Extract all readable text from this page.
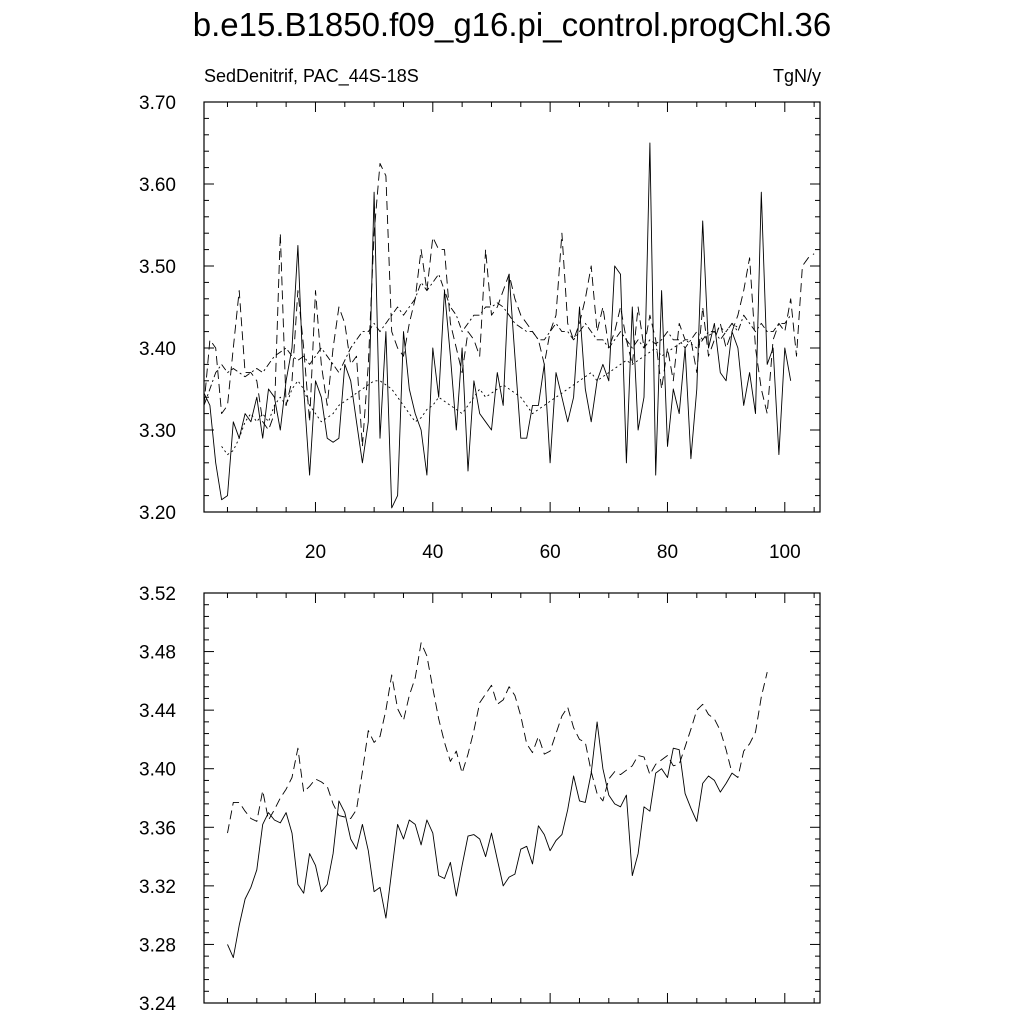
b.e15.B1850.f09_g16.pi_control.progChl.36
SedDenitrif, PAC_44S-18S	TgN/y
3.20
3.30
3.40
3.50
3.60
3.70
20	40	60	80	100
3.24
3.28
3.32
3.36
3.40
3.44
3.48
3.52
